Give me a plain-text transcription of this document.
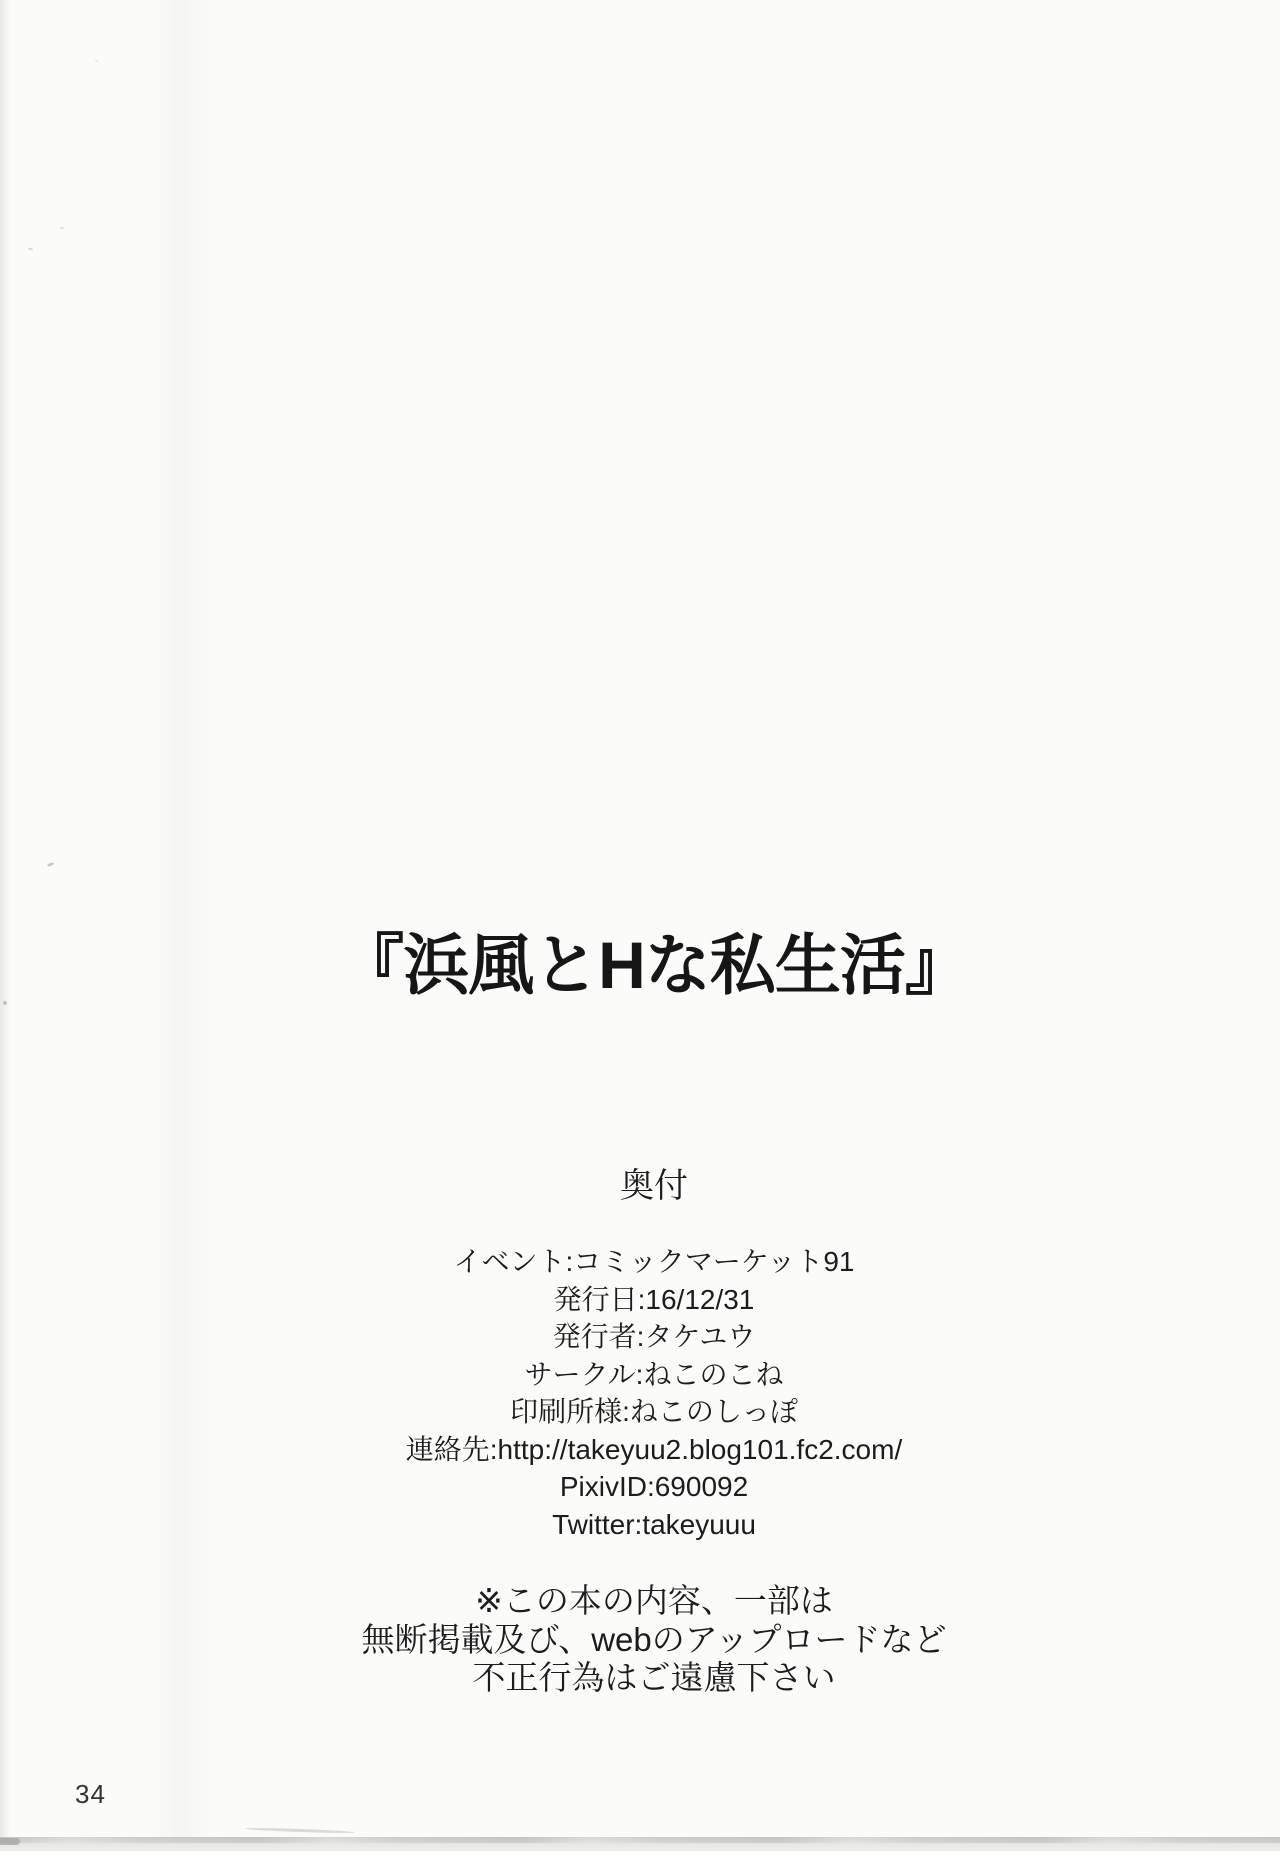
『浜風とHな私生活』
奥付
イベント:コミックマーケット91
発行日:16/12/31
発行者:タケユウ
サークル:ねこのこね
印刷所様:ねこのしっぽ
連絡先:http://takeyuu2.blog101.fc2.com/
PixivID:690092
Twitter:takeyuuu
※この本の内容、一部は
無断掲載及び、webのアップロードなど
不正行為はご遠慮下さい
34
